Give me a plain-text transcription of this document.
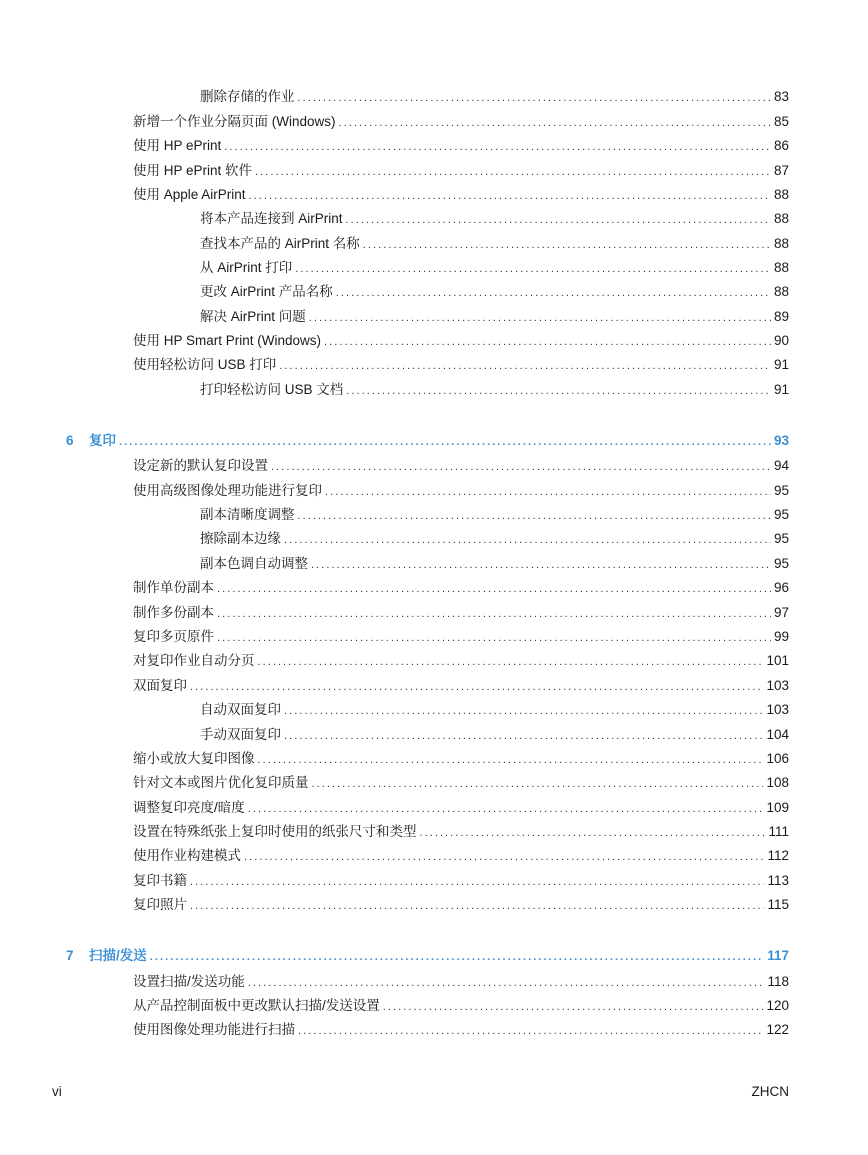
删除存储的作业 . . .	83
新增一个作业分隔页面 (Windows) . . .	85
使用 HP ePrint . . .	86
使用 HP ePrint 软件 . . .	87
使用 Apple AirPrint . . .	88
将本产品连接到 AirPrint . . .	88
查找本产品的 AirPrint 名称 . . .	88
从 AirPrint 打印 . . .	88
更改 AirPrint 产品名称 . . .	88
解决 AirPrint 问题 . . .	89
使用 HP Smart Print (Windows) . . .	90
使用轻松访问 USB 打印 . . .	91
打印轻松访问 USB 文档 . . .	91
6 复印 . . .	93
设定新的默认复印设置 . . .	94
使用高级图像处理功能进行复印 . . .	95
副本清晰度调整 . . .	95
擦除副本边缘 . . .	95
副本色调自动调整 . . .	95
制作单份副本 . . .	96
制作多份副本 . . .	97
复印多页原件 . . .	99
对复印作业自动分页 . . .	101
双面复印 . . .	103
自动双面复印 . . .	103
手动双面复印 . . .	104
缩小或放大复印图像 . . .	106
针对文本或图片优化复印质量 . . .	108
调整复印亮度/暗度 . . .	109
设置在特殊纸张上复印时使用的纸张尺寸和类型 . . .	111
使用作业构建模式 . . .	112
复印书籍 . . .	113
复印照片 . . .	115
7 扫描/发送 . . .	117
设置扫描/发送功能 . . .	118
从产品控制面板中更改默认扫描/发送设置 . . .	120
使用图像处理功能进行扫描 . . .	122
vi	ZHCN
